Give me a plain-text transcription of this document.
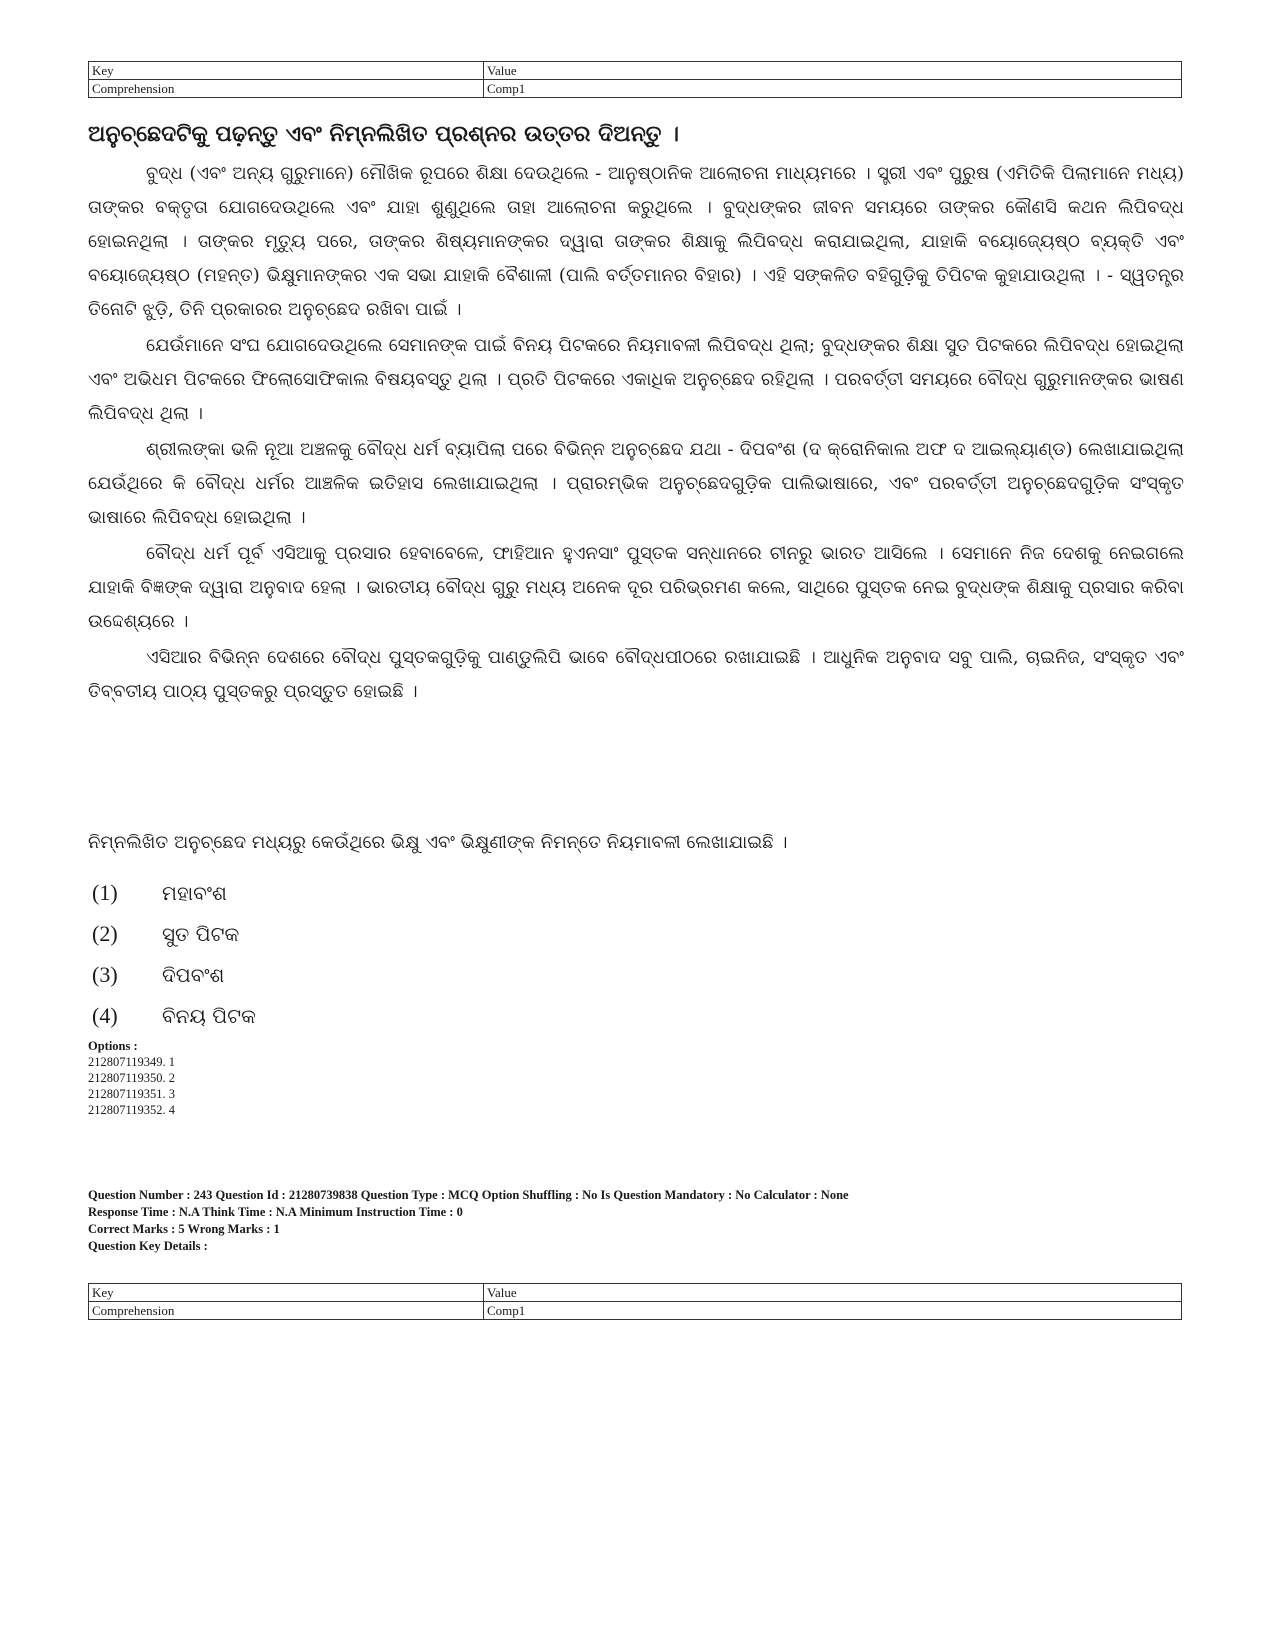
Key	Value
Comprehension	Comp1
ଅନୁଚ୍ଛେଦଟିକୁ ପଢ଼ନ୍ତୁ ଏବଂ ନିମ୍ନଲିଖିତ ପ୍ରଶ୍ନର ଉତ୍ତର ଦିଅନ୍ତୁ ।

ବୁଦ୍ଧ (ଏବଂ ଅନ୍ୟ ଗୁରୁମାନେ) ମୌଖିକ ରୂପରେ ଶିକ୍ଷା ଦେଉଥିଲେ - ଆନୁଷ୍ଠାନିକ ଆଲୋଚନା ମାଧ୍ୟମରେ । ସ୍ତ୍ରୀ ଏବଂ ପୁରୁଷ (ଏମିତିକି ପିଲାମାନେ ମଧ୍ୟ) ତାଙ୍କର ବକ୍ତୃତା ଯୋଗଦେଉଥିଲେ ଏବଂ ଯାହା ଶୁଣୁଥିଲେ ତାହା ଆଲୋଚନା କରୁଥିଲେ । ବୁଦ୍ଧଙ୍କର ଜୀବନ ସମୟରେ ତାଙ୍କର କୌଣସି କଥନ ଲିପିବଦ୍ଧ ହୋଇନଥିଲା । ତାଙ୍କର ମୃତ୍ୟୁ ପରେ, ତାଙ୍କର ଶିଷ୍ୟମାନଙ୍କର ଦ୍ୱାରା ତାଙ୍କର ଶିକ୍ଷାକୁ ଲିପିବଦ୍ଧ କରାଯାଇଥିଲା, ଯାହାକି ବୟୋଜ୍ୟେଷ୍ଠ ବ୍ୟକ୍ତି ଏବଂ ବୟୋଜ୍ୟେଷ୍ଠ (ମହନ୍ତ) ଭିକ୍ଷୁମାନଙ୍କର ଏକ ସଭା ଯାହାକି ବୈଶାଳୀ (ପାଲି ବର୍ତ୍ତମାନର ବିହାର) । ଏହି ସଙ୍କଳିତ ବହିଗୁଡ଼ିକୁ ତିପିଟକ କୁହାଯାଉଥିଲା । - ସ୍ୱତନ୍ତ୍ର ତିନୋଟି ଝୁଡ଼ି, ତିନି ପ୍ରକାରର ଅନୁଚ୍ଛେଦ ରଖିବା ପାଇଁ ।

ଯେଉଁମାନେ ସଂଘ ଯୋଗଦେଉଥିଲେ ସେମାନଙ୍କ ପାଇଁ ବିନୟ ପିଟକରେ ନିୟମାବଳୀ ଲିପିବଦ୍ଧ ଥିଲା; ବୁଦ୍ଧଙ୍କର ଶିକ୍ଷା ସୁତ ପିଟକରେ ଲିପିବଦ୍ଧ ହୋଇଥିଲା ଏବଂ ଅଭିଧମ ପିଟକରେ ଫିଲୋସୋଫିକାଲ ବିଷୟବସ୍ତୁ ଥିଲା । ପ୍ରତି ପିଟକରେ ଏକାଧିକ ଅନୁଚ୍ଛେଦ ରହିଥିଲା । ପରବର୍ତ୍ତୀ ସମୟରେ ବୌଦ୍ଧ ଗୁରୁମାନଙ୍କର ଭାଷଣ ଲିପିବଦ୍ଧ ଥିଲା ।

ଶ୍ରୀଲଙ୍କା ଭଳି ନୂଆ ଅଞ୍ଚଳକୁ ବୌଦ୍ଧ ଧର୍ମ ବ୍ୟାପିଲା ପରେ ବିଭିନ୍ନ ଅନୁଚ୍ଛେଦ ଯଥା - ଦିପବଂଶ (ଦ କ୍ରୋନିକାଲ ଅଫ ଦ ଆଇଲ୍ୟାଣ୍ଡ) ଲେଖାଯାଇଥିଲା ଯେଉଁଥିରେ କି ବୌଦ୍ଧ ଧର୍ମର ଆଞ୍ଚଳିକ ଇତିହାସ ଲେଖାଯାଇଥିଲା । ପ୍ରାରମ୍ଭିକ ଅନୁଚ୍ଛେଦଗୁଡ଼ିକ ପାଲିଭାଷାରେ, ଏବଂ ପରବର୍ତ୍ତୀ ଅନୁଚ୍ଛେଦଗୁଡ଼ିକ ସଂସ୍କୃତ ଭାଷାରେ ଲିପିବଦ୍ଧ ହୋଇଥିଲା ।

ବୌଦ୍ଧ ଧର୍ମ ପୂର୍ବ ଏସିଆକୁ ପ୍ରସାର ହେବାବେଳେ, ଫାହିଆନ ହୁଏନସାଂ ପୁସ୍ତକ ସନ୍ଧାନରେ ଚୀନରୁ ଭାରତ ଆସିଲେ । ସେମାନେ ନିଜ ଦେଶକୁ ନେଇଗଲେ ଯାହାକି ବିଜ୍ଞଙ୍କ ଦ୍ୱାରା ଅନୁବାଦ ହେଲା । ଭାରତୀୟ ବୌଦ୍ଧ ଗୁରୁ ମଧ୍ୟ ଅନେକ ଦୂର ପରିଭ୍ରମଣ କଲେ, ସାଥିରେ ପୁସ୍ତକ ନେଇ ବୁଦ୍ଧଙ୍କ ଶିକ୍ଷାକୁ ପ୍ରସାର କରିବା ଉଦ୍ଦେଶ୍ୟରେ ।

ଏସିଆର ବିଭିନ୍ନ ଦେଶରେ ବୌଦ୍ଧ ପୁସ୍ତକଗୁଡ଼ିକୁ ପାଣ୍ଡୁଲିପି ଭାବେ ବୌଦ୍ଧପୀଠରେ ରଖାଯାଇଛି । ଆଧୁନିକ ଅନୁବାଦ ସବୁ ପାଲି, ଚାଇନିଜ, ସଂସ୍କୃତ ଏବଂ ତିବ୍ବତୀୟ ପାଠ୍ୟ ପୁସ୍ତକରୁ ପ୍ରସ୍ତୁତ ହୋଇଛି ।

ନିମ୍ନଲିଖିତ ଅନୁଚ୍ଛେଦ ମଧ୍ୟରୁ କେଉଁଥିରେ ଭିକ୍ଷୁ ଏବଂ ଭିକ୍ଷୁଣୀଙ୍କ ନିମନ୍ତେ ନିୟମାବଳୀ ଲେଖାଯାଇଛି ।
(1)	ମହାବଂଶ
(2)	ସୁତ ପିଟକ
(3)	ଦିପବଂଶ
(4)	ବିନୟ ପିଟକ
Options :
212807119349. 1
212807119350. 2
212807119351. 3
212807119352. 4
Question Number : 243 Question Id : 21280739838 Question Type : MCQ Option Shuffling : No Is Question Mandatory : No Calculator : None
Response Time : N.A Think Time : N.A Minimum Instruction Time : 0
Correct Marks : 5 Wrong Marks : 1
Question Key Details :
Key	Value
Comprehension	Comp1
